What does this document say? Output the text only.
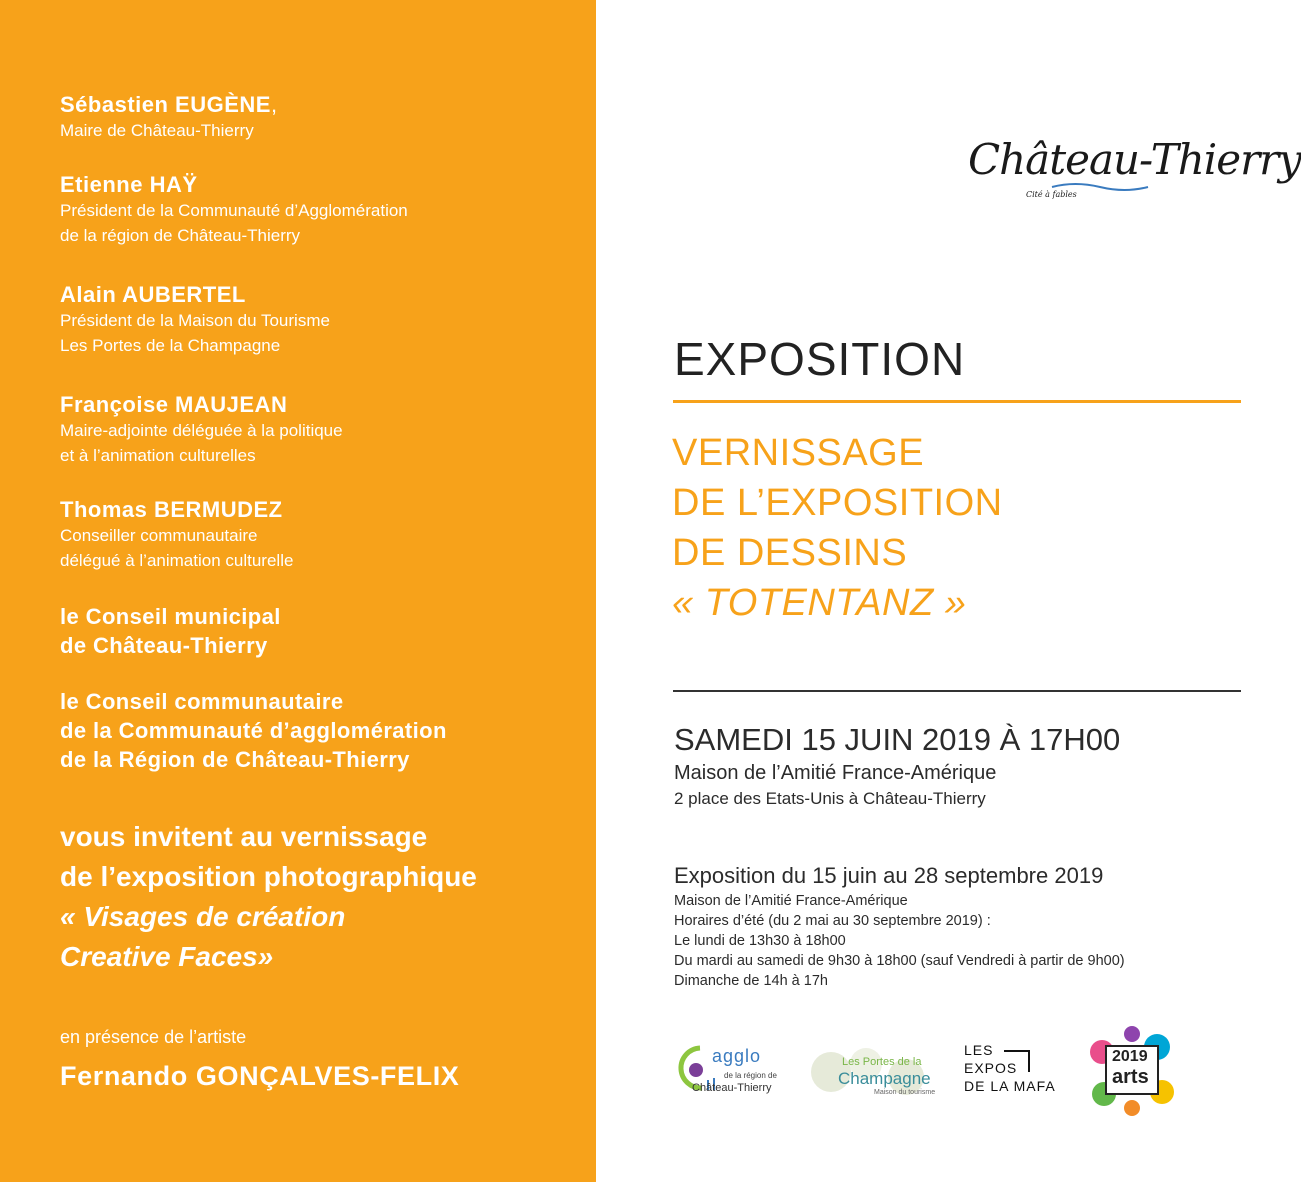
Sébastien EUGÈNE,
Maire de Château-Thierry
Etienne HAŸ
Président de la Communauté d’Agglomération
de la région de Château-Thierry
Alain AUBERTEL
Président de la Maison du Tourisme
Les Portes de la Champagne
Françoise MAUJEAN
Maire-adjointe déléguée à la politique
et à l’animation culturelles
Thomas BERMUDEZ
Conseiller communautaire
délégué à l’animation culturelle
le Conseil municipal
de Château-Thierry
le Conseil communautaire
de la Communauté d’agglomération
de la Région de Château-Thierry
vous invitent au vernissage
de l’exposition photographique
« Visages de création
Creative Faces»
en présence de l’artiste
Fernando GONÇALVES-FELIX
Château-Thierry
Cité à fables
EXPOSITION
VERNISSAGE
DE L’EXPOSITION
DE DESSINS
« TOTENTANZ »
SAMEDI 15 JUIN 2019 À 17H00
Maison de l’Amitié France-Amérique
2 place des Etats-Unis à Château-Thierry
Exposition du 15 juin au 28 septembre 2019
Maison de l’Amitié France-Amérique
Horaires d’été (du 2 mai au 30 septembre 2019) :
Le lundi de 13h30 à 18h00
Du mardi au samedi de 9h30 à 18h00 (sauf Vendredi à partir de 9h00)
Dimanche de 14h à 17h
agglo
de la région de
Château-Thierry
Les Portes de la
Champagne
Maison du tourisme
LES
EXPOS
DE LA MAFA
2019
arts
